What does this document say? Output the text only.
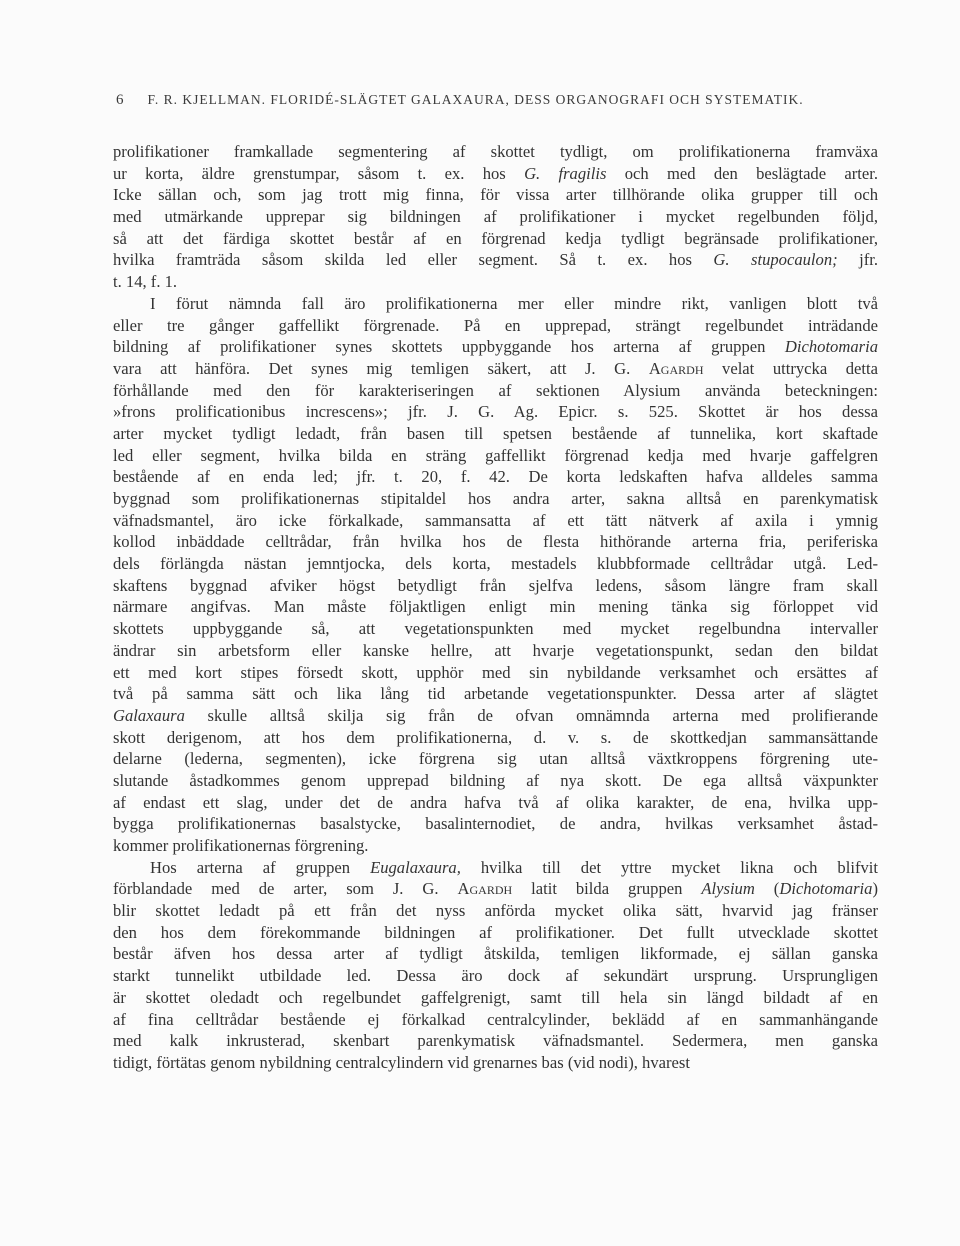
6	F. R. KJELLMAN. FLORIDÉ-SLÄGTET GALAXAURA, DESS ORGANOGRAFI OCH SYSTEMATIK.
prolifikationer framkallade segmentering af skottet tydligt, om prolifikationerna framväxa
ur korta, äldre grenstumpar, såsom t. ex. hos G. fragilis och med den beslägtade arter.
Icke sällan och, som jag trott mig finna, för vissa arter tillhörande olika grupper till och
med utmärkande upprepar sig bildningen af prolifikationer i mycket regelbunden följd,
så att det färdiga skottet består af en förgrenad kedja tydligt begränsade prolifikationer,
hvilka framträda såsom skilda led eller segment. Så t. ex. hos G. stupocaulon; jfr.
t. 14, f. 1.
I förut nämnda fall äro prolifikationerna mer eller mindre rikt, vanligen blott två
eller tre gånger gaffellikt förgrenade. På en upprepad, strängt regelbundet inträdande
bildning af prolifikationer synes skottets uppbyggande hos arterna af gruppen Dichotomaria
vara att hänföra. Det synes mig temligen säkert, att J. G. Agardh velat uttrycka detta
förhållande med den för karakteriseringen af sektionen Alysium använda beteckningen:
»frons prolificationibus increscens»; jfr. J. G. Ag. Epicr. s. 525. Skottet är hos dessa
arter mycket tydligt ledadt, från basen till spetsen bestående af tunnelika, kort skaftade
led eller segment, hvilka bilda en sträng gaffellikt förgrenad kedja med hvarje gaffelgren
bestående af en enda led; jfr. t. 20, f. 42. De korta ledskaften hafva alldeles samma
byggnad som prolifikationernas stipitaldel hos andra arter, sakna alltså en parenkymatisk
väfnadsmantel, äro icke förkalkade, sammansatta af ett tätt nätverk af axila i ymnig
kollod inbäddade celltrådar, från hvilka hos de flesta hithörande arterna fria, periferiska
dels förlängda nästan jemntjocka, dels korta, mestadels klubbformade celltrådar utgå. Led-
skaftens byggnad afviker högst betydligt från sjelfva ledens, såsom längre fram skall
närmare angifvas. Man måste följaktligen enligt min mening tänka sig förloppet vid
skottets uppbyggande så, att vegetationspunkten med mycket regelbundna intervaller
ändrar sin arbetsform eller kanske hellre, att hvarje vegetationspunkt, sedan den bildat
ett med kort stipes försedt skott, upphör med sin nybildande verksamhet och ersättes af
två på samma sätt och lika lång tid arbetande vegetationspunkter. Dessa arter af slägtet
Galaxaura skulle alltså skilja sig från de ofvan omnämnda arterna med prolifierande
skott derigenom, att hos dem prolifikationerna, d. v. s. de skottkedjan sammansättande
delarne (lederna, segmenten), icke förgrena sig utan alltså växtkroppens förgrening ute-
slutande åstadkommes genom upprepad bildning af nya skott. De ega alltså växpunkter
af endast ett slag, under det de andra hafva två af olika karakter, de ena, hvilka upp-
bygga prolifikationernas basalstycke, basalinternodiet, de andra, hvilkas verksamhet åstad-
kommer prolifikationernas förgrening.
Hos arterna af gruppen Eugalaxaura, hvilka till det yttre mycket likna och blifvit
förblandade med de arter, som J. G. Agardh latit bilda gruppen Alysium (Dichotomaria)
blir skottet ledadt på ett från det nyss anförda mycket olika sätt, hvarvid jag fränser
den hos dem förekommande bildningen af prolifikationer. Det fullt utvecklade skottet
består äfven hos dessa arter af tydligt åtskilda, temligen likformade, ej sällan ganska
starkt tunnelikt utbildade led. Dessa äro dock af sekundärt ursprung. Ursprungligen
är skottet oledadt och regelbundet gaffelgrenigt, samt till hela sin längd bildadt af en
af fina celltrådar bestående ej förkalkad centralcylinder, beklädd af en sammanhängande
med kalk inkrusterad, skenbart parenkymatisk väfnadsmantel. Sedermera, men ganska
tidigt, förtätas genom nybildning centralcylindern vid grenarnes bas (vid nodi), hvarest
